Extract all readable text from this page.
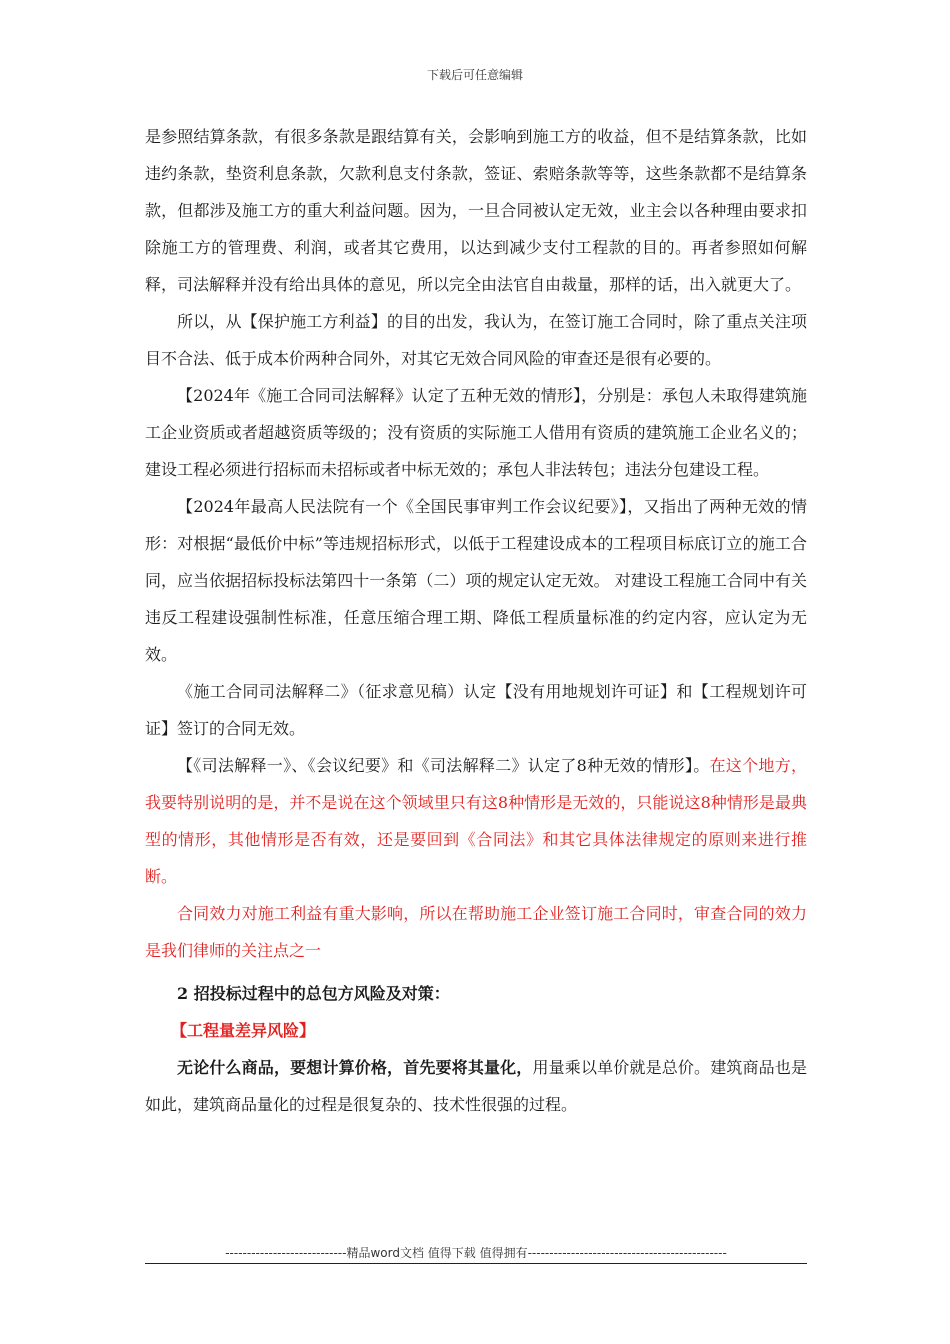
下载后可任意编辑

是参照结算条款，有很多条款是跟结算有关，会影响到施工方的收益，但不是结算条款，比如违约条款，垫资利息条款，欠款利息支付条款，签证、索赔条款等等，这些条款都不是结算条款，但都涉及施工方的重大利益问题。因为，一旦合同被认定无效，业主会以各种理由要求扣除施工方的管理费、利润，或者其它费用，以达到减少支付工程款的目的。再者参照如何解释，司法解释并没有给出具体的意见，所以完全由法官自由裁量，那样的话，出入就更大了。

所以，从【保护施工方利益】的目的出发，我认为，在签订施工合同时，除了重点关注项目不合法、低于成本价两种合同外，对其它无效合同风险的审查还是很有必要的。

【2024年《施工合同司法解释》认定了五种无效的情形】，分别是：承包人未取得建筑施工企业资质或者超越资质等级的；没有资质的实际施工人借用有资质的建筑施工企业名义的；建设工程必须进行招标而未招标或者中标无效的；承包人非法转包；违法分包建设工程。

【2024年最高人民法院有一个《全国民事审判工作会议纪要》】，又指出了两种无效的情形：对根据“最低价中标”等违规招标形式，以低于工程建设成本的工程项目标底订立的施工合同，应当依据招标投标法第四十一条第（二）项的规定认定无效。 对建设工程施工合同中有关违反工程建设强制性标准，任意压缩合理工期、降低工程质量标准的约定内容，应认定为无效。

《施工合同司法解释二》（征求意见稿）认定【没有用地规划许可证】和【工程规划许可证】签订的合同无效。

【《司法解释一》、《会议纪要》和《司法解释二》认定了8种无效的情形】。在这个地方，我要特别说明的是，并不是说在这个领域里只有这8种情形是无效的，只能说这8种情形是最典型的情形，其他情形是否有效，还是要回到《合同法》和其它具体法律规定的原则来进行推断。

合同效力对施工利益有重大影响，所以在帮助施工企业签订施工合同时，审查合同的效力是我们律师的关注点之一

2 招投标过程中的总包方风险及对策：

【工程量差异风险】

无论什么商品，要想计算价格，首先要将其量化，用量乘以单价就是总价。建筑商品也是如此，建筑商品量化的过程是很复杂的、技术性很强的过程。

----------------------------精品word文档 值得下载 值得拥有----------------------------------------------
